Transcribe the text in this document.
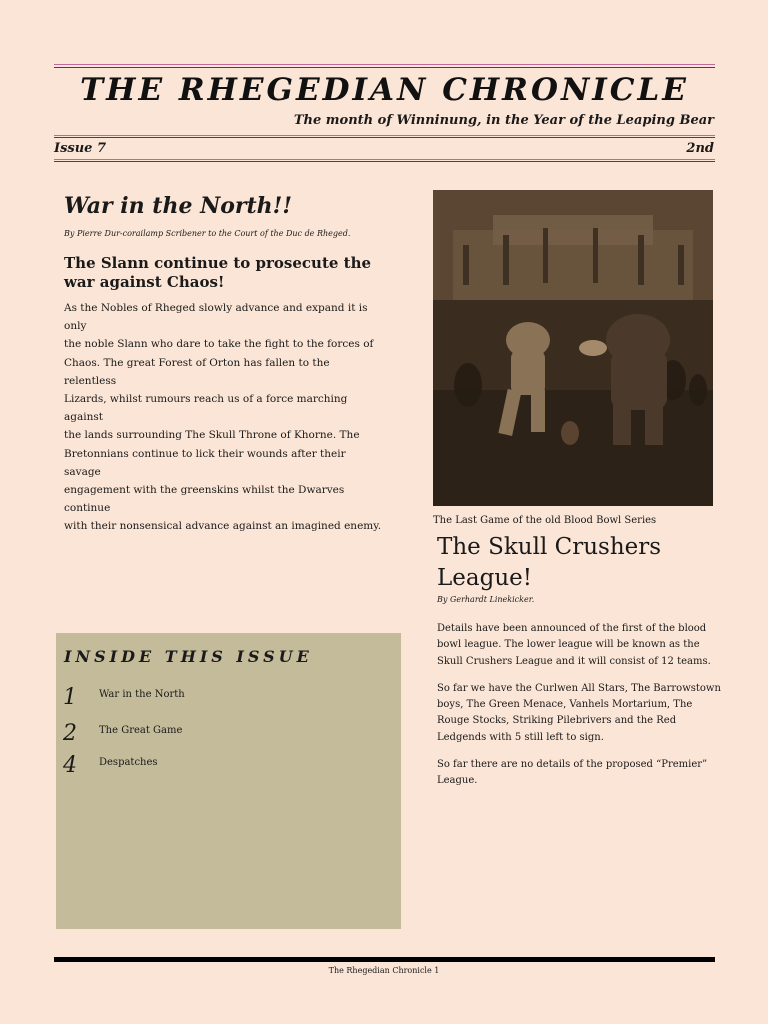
THE RHEGEDIAN CHRONICLE
The month of Winninung, in the Year of the Leaping Bear
Issue 7	2nd
War in the North!!
By Pierre Dur-corailamp Scribener to the Court of the Duc de Rheged.
The Slann continue to prosecute the war against Chaos!
As the Nobles of Rheged slowly advance and expand it is only
the noble Slann who dare to take the fight to the forces of
Chaos. The great Forest of Orton has fallen to the relentless
Lizards, whilst rumours reach us of a force marching against
the lands surrounding The Skull Throne of Khorne. The
Bretonnians continue to lick their wounds after their savage
engagement with the greenskins whilst the Dwarves continue
with their nonsensical advance against an imagined enemy.	The Last Game of the old Blood Bowl Series
The Skull Crushers League!
By Gerhardt Linekicker.

Details have been announced of the first of the blood bowl league. The lower league will be known as the Skull Crushers League and it will consist of 12 teams.

So far we have the Curlwen All Stars, The Barrowstown boys, The Green Menace, Vanhels Mortarium, The Rouge Stocks, Striking Pilebrivers and the Red Ledgends with 5 still left to sign.

So far there are no details of the proposed “Premier” League.

INSIDE THIS ISSUE
1 War in the North
2 The Great Game
4 Despatches
The Rhegedian Chronicle 1
